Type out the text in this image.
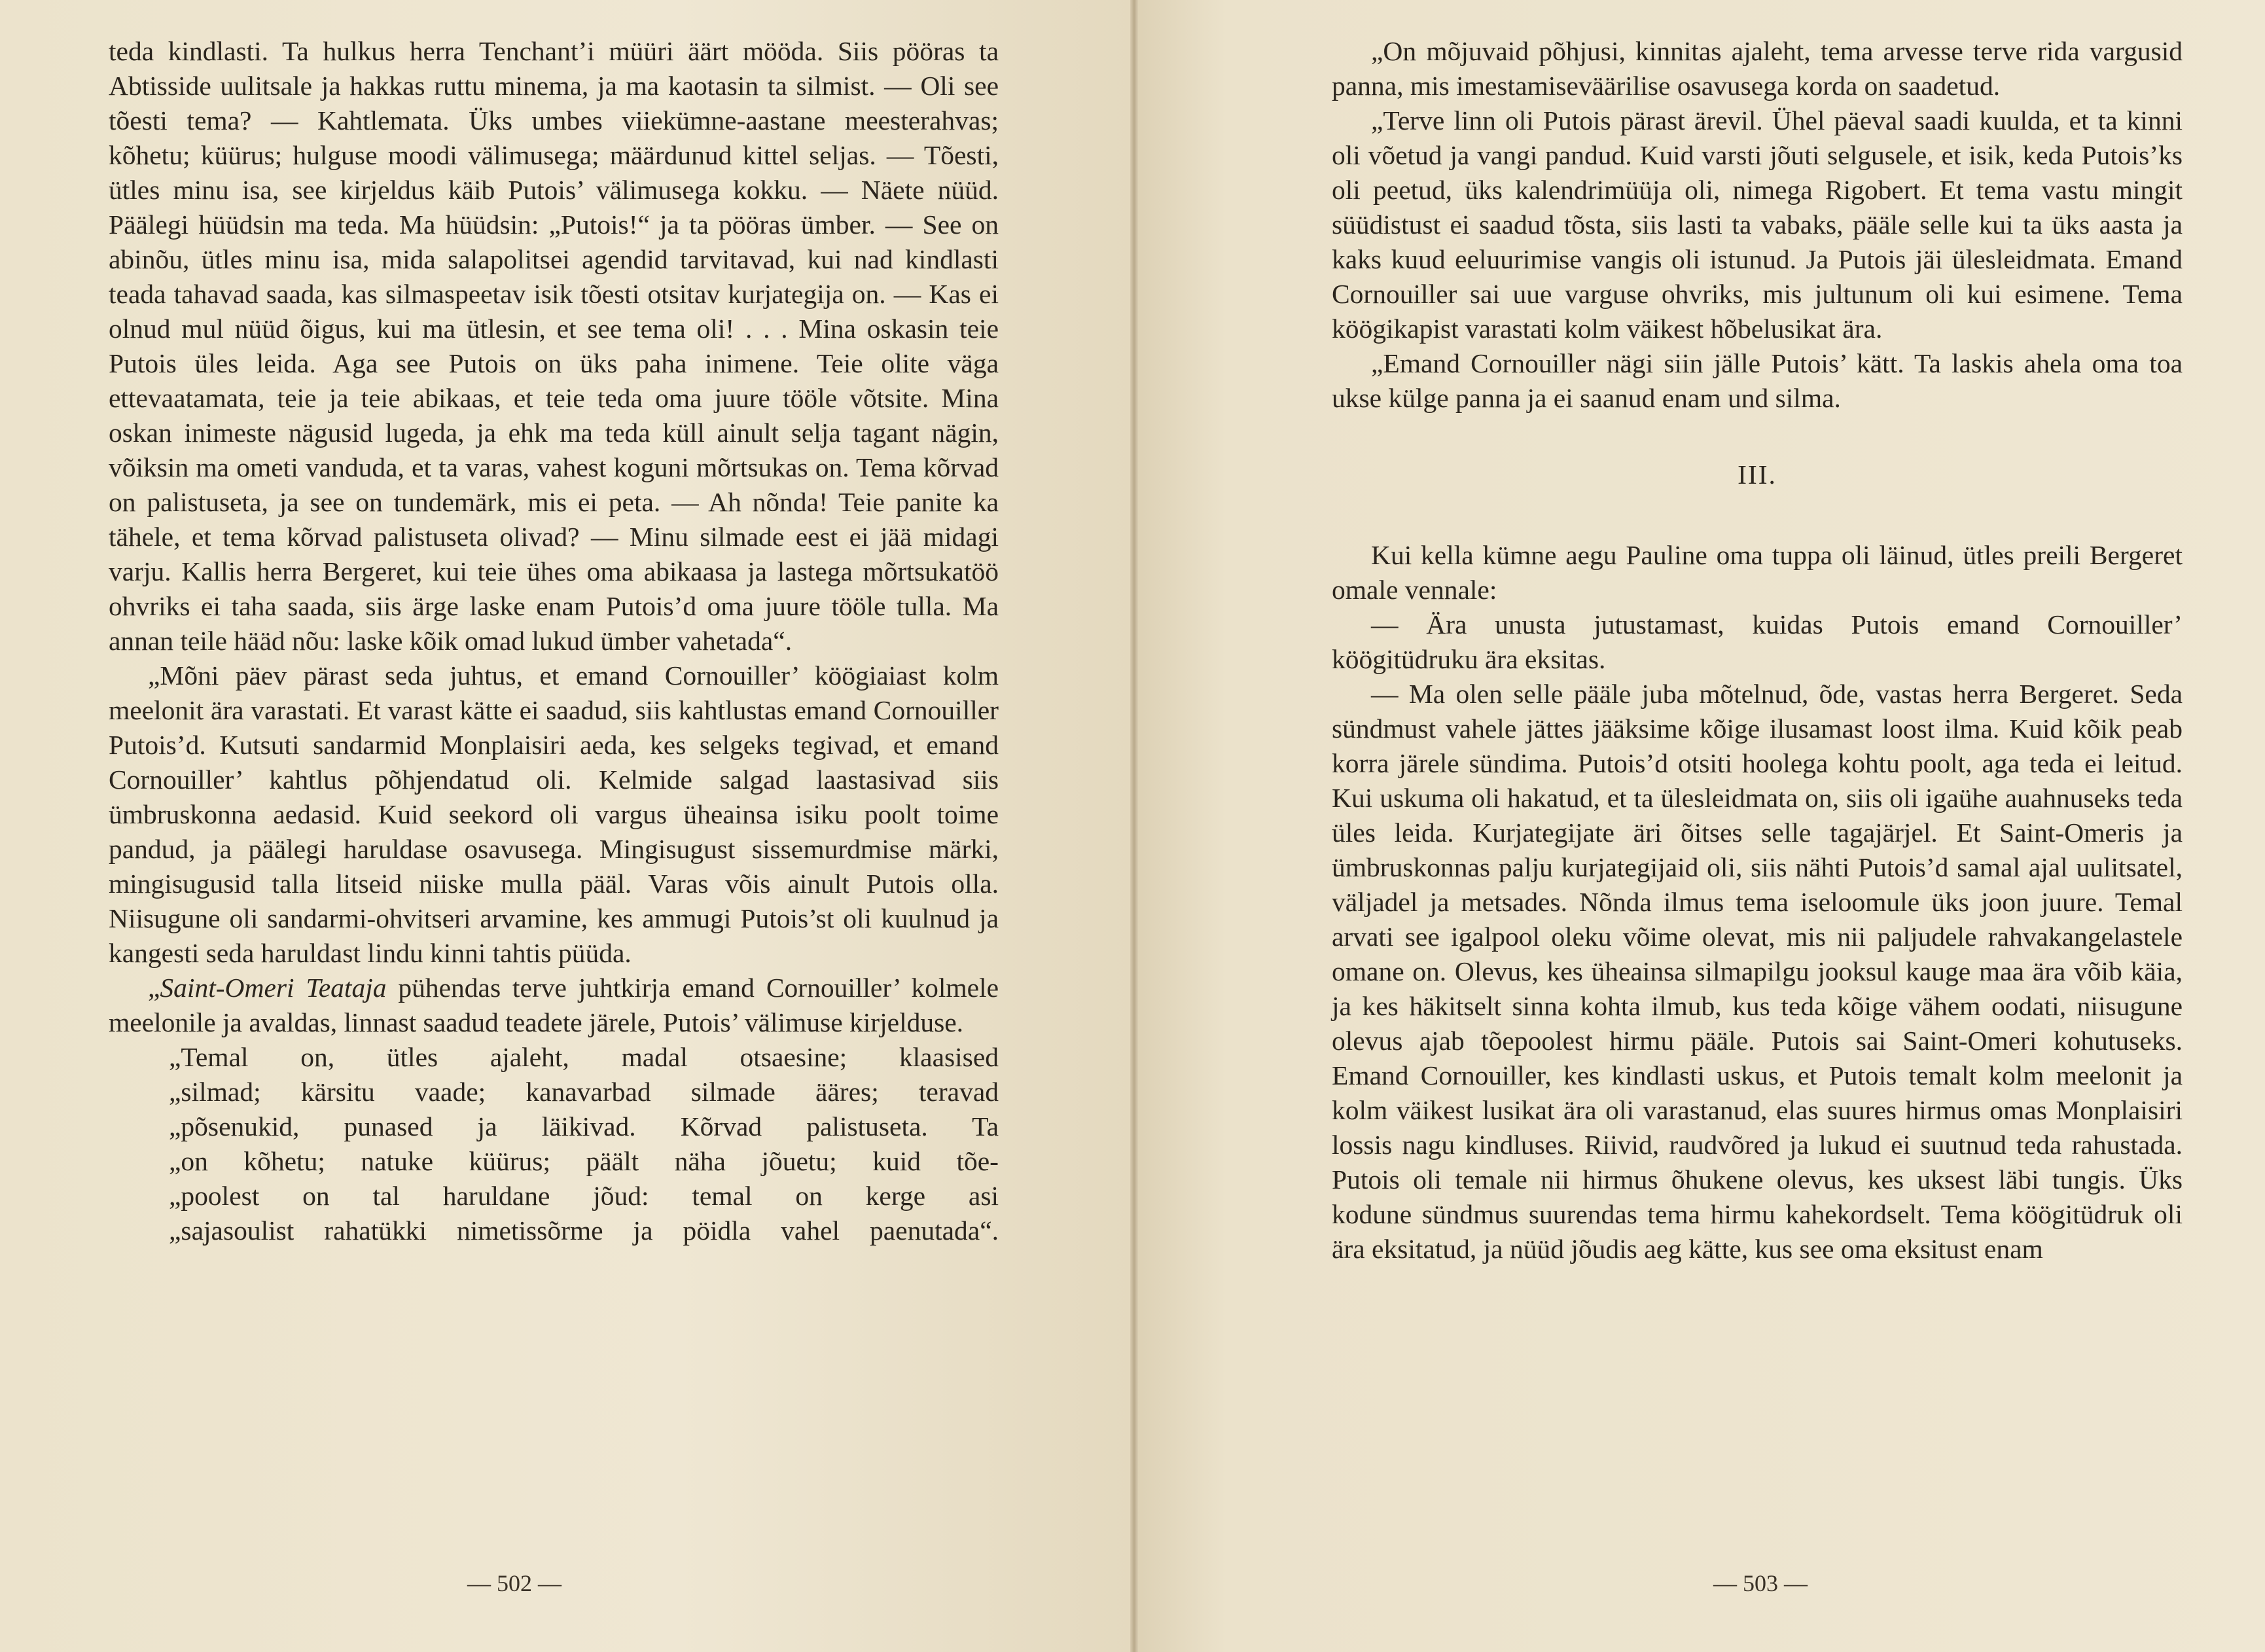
teda kindlasti. Ta hulkus herra Tenchant’i müüri äärt mööda. Siis pööras ta Abtisside uulitsale ja hakkas ruttu minema, ja ma kaotasin ta silmist. — Oli see tõesti tema? — Kahtlemata. Üks umbes viiekümne-aastane meesterahvas; kõhetu; küürus; hulguse moodi välimusega; määrdunud kittel seljas. — Tõesti, ütles minu isa, see kirjeldus käib Putois’ välimusega kokku. — Näete nüüd. Päälegi hüüdsin ma teda. Ma hüüdsin: „Putois!“ ja ta pööras ümber. — See on abinõu, ütles minu isa, mida salapolitsei agendid tarvitavad, kui nad kindlasti teada tahavad saada, kas silmaspeetav isik tõesti otsitav kurjategija on. — Kas ei olnud mul nüüd õigus, kui ma ütlesin, et see tema oli! . . . Mina oskasin teie Putois üles leida. Aga see Putois on üks paha inimene. Teie olite väga ettevaatamata, teie ja teie abikaas, et teie teda oma juure tööle võtsite. Mina oskan inimeste nägusid lugeda, ja ehk ma teda küll ainult selja tagant nägin, võiksin ma ometi vanduda, et ta varas, vahest koguni mõrtsukas on. Tema kõrvad on palistuseta, ja see on tundemärk, mis ei peta. — Ah nõnda! Teie panite ka tähele, et tema kõrvad palistuseta olivad? — Minu silmade eest ei jää midagi varju. Kallis herra Bergeret, kui teie ühes oma abikaasa ja lastega mõrtsukatöö ohvriks ei taha saada, siis ärge laske enam Putois’d oma juure tööle tulla. Ma annan teile hääd nõu: laske kõik omad lukud ümber vahetada“.

„Mõni päev pärast seda juhtus, et emand Cornouiller’ köögiaiast kolm meelonit ära varastati. Et varast kätte ei saadud, siis kahtlustas emand Cornouiller Putois’d. Kutsuti sandarmid Monplaisiri aeda, kes selgeks tegivad, et emand Cornouiller’ kahtlus põhjendatud oli. Kelmide salgad laastasivad siis ümbruskonna aedasid. Kuid seekord oli vargus üheainsa isiku poolt toime pandud, ja päälegi haruldase osavusega. Mingisugust sissemurdmise märki, mingisugusid talla litseid niiske mulla pääl. Varas võis ainult Putois olla. Niisugune oli sandarmi-ohvitseri arvamine, kes ammugi Putois’st oli kuulnud ja kangesti seda haruldast lindu kinni tahtis püüda.

„Saint-Omeri Teataja pühendas terve juhtkirja emand Cornouiller’ kolmele meelonile ja avaldas, linnast saadud teadete järele, Putois’ välimuse kirjelduse.

„Temal on, ütles ajaleht, madal otsaesine; klaasised

„silmad; kärsitu vaade; kanavarbad silmade ääres; teravad

„põsenukid, punased ja läikivad. Kõrvad palistuseta. Ta

„on kõhetu; natuke küürus; päält näha jõuetu; kuid tõe-

„poolest on tal haruldane jõud: temal on kerge asi

„sajasoulist rahatükki nimetissõrme ja pöidla vahel paenutada“.

— 502 —

„On mõjuvaid põhjusi, kinnitas ajaleht, tema arvesse terve rida vargusid panna, mis imestamiseväärilise osavusega korda on saadetud.

„Terve linn oli Putois pärast ärevil. Ühel päeval saadi kuulda, et ta kinni oli võetud ja vangi pandud. Kuid varsti jõuti selgusele, et isik, keda Putois’ks oli peetud, üks kalendrimüüja oli, nimega Rigobert. Et tema vastu mingit süüdistust ei saadud tõsta, siis lasti ta vabaks, pääle selle kui ta üks aasta ja kaks kuud eeluurimise vangis oli istunud. Ja Putois jäi ülesleidmata. Emand Cornouiller sai uue varguse ohvriks, mis jultunum oli kui esimene. Tema köögikapist varastati kolm väikest hõbelusikat ära.

„Emand Cornouiller nägi siin jälle Putois’ kätt. Ta laskis ahela oma toa ukse külge panna ja ei saanud enam und silma.

III.

Kui kella kümne aegu Pauline oma tuppa oli läinud, ütles preili Bergeret omale vennale:

— Ära unusta jutustamast, kuidas Putois emand Cornouiller’ köögitüdruku ära eksitas.

— Ma olen selle pääle juba mõtelnud, õde, vastas herra Bergeret. Seda sündmust vahele jättes jääksime kõige ilusamast loost ilma. Kuid kõik peab korra järele sündima. Putois’d otsiti hoolega kohtu poolt, aga teda ei leitud. Kui uskuma oli hakatud, et ta ülesleidmata on, siis oli igaühe auahnuseks teda üles leida. Kurjategijate äri õitses selle tagajärjel. Et Saint-Omeris ja ümbruskonnas palju kurjategijaid oli, siis nähti Putois’d samal ajal uulitsatel, väljadel ja metsades. Nõnda ilmus tema iseloomule üks joon juure. Temal arvati see igalpool oleku võime olevat, mis nii paljudele rahvakangelastele omane on. Olevus, kes üheainsa silmapilgu jooksul kauge maa ära võib käia, ja kes häkitselt sinna kohta ilmub, kus teda kõige vähem oodati, niisugune olevus ajab tõepoolest hirmu pääle. Putois sai Saint-Omeri kohutuseks. Emand Cornouiller, kes kindlasti uskus, et Putois temalt kolm meelonit ja kolm väikest lusikat ära oli varastanud, elas suures hirmus omas Monplaisiri lossis nagu kindluses. Riivid, raudvõred ja lukud ei suutnud teda rahustada. Putois oli temale nii hirmus õhukene olevus, kes uksest läbi tungis. Üks kodune sündmus suurendas tema hirmu kahekordselt. Tema köögitüdruk oli ära eksitatud, ja nüüd jõudis aeg kätte, kus see oma eksitust enam

— 503 —
